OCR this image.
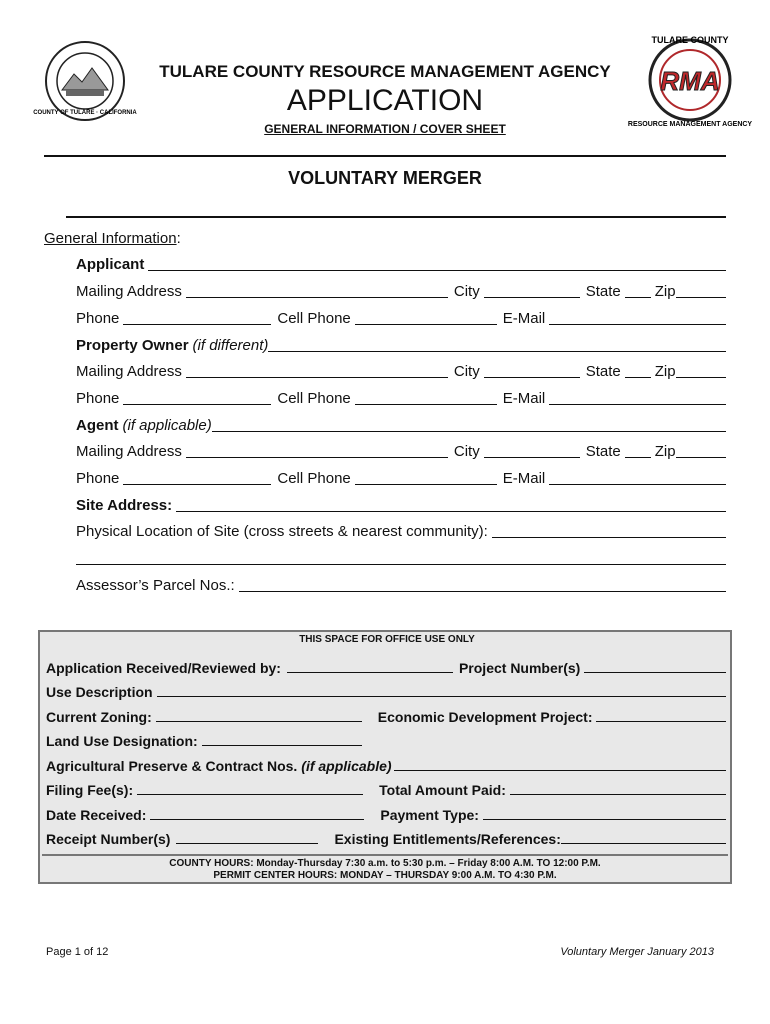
COUNTY OF TULARE · CALIFORNIA
TULARE COUNTY
RMA
RESOURCE MANAGEMENT AGENCY
TULARE COUNTY RESOURCE MANAGEMENT AGENCY
APPLICATION
GENERAL INFORMATION / COVER SHEET
VOLUNTARY MERGER
General Information:
Applicant
Mailing Address	City	State Zip
Phone	Cell Phone	E-Mail
Property Owner (if different)
Mailing Address	City	State Zip
Phone	Cell Phone	E-Mail
Agent (if applicable)
Mailing Address	City	State Zip
Phone	Cell Phone	E-Mail
Site Address:
Physical Location of Site (cross streets & nearest community):
Assessor’s Parcel Nos.:
THIS SPACE FOR OFFICE USE ONLY
Application Received/Reviewed by:	Project Number(s)
Use Description
Current Zoning:	Economic Development Project:
Land Use Designation:
Agricultural Preserve & Contract Nos. (if applicable)
Filing Fee(s):	Total Amount Paid:
Date Received:	Payment Type:
Receipt Number(s)	Existing Entitlements/References:
COUNTY HOURS: Monday-Thursday 7:30 a.m. to 5:30 p.m. – Friday 8:00 A.M. TO 12:00 P.M.
PERMIT CENTER HOURS: MONDAY – THURSDAY 9:00 A.M. TO 4:30 P.M.
Page 1 of 12	Voluntary Merger January 2013
